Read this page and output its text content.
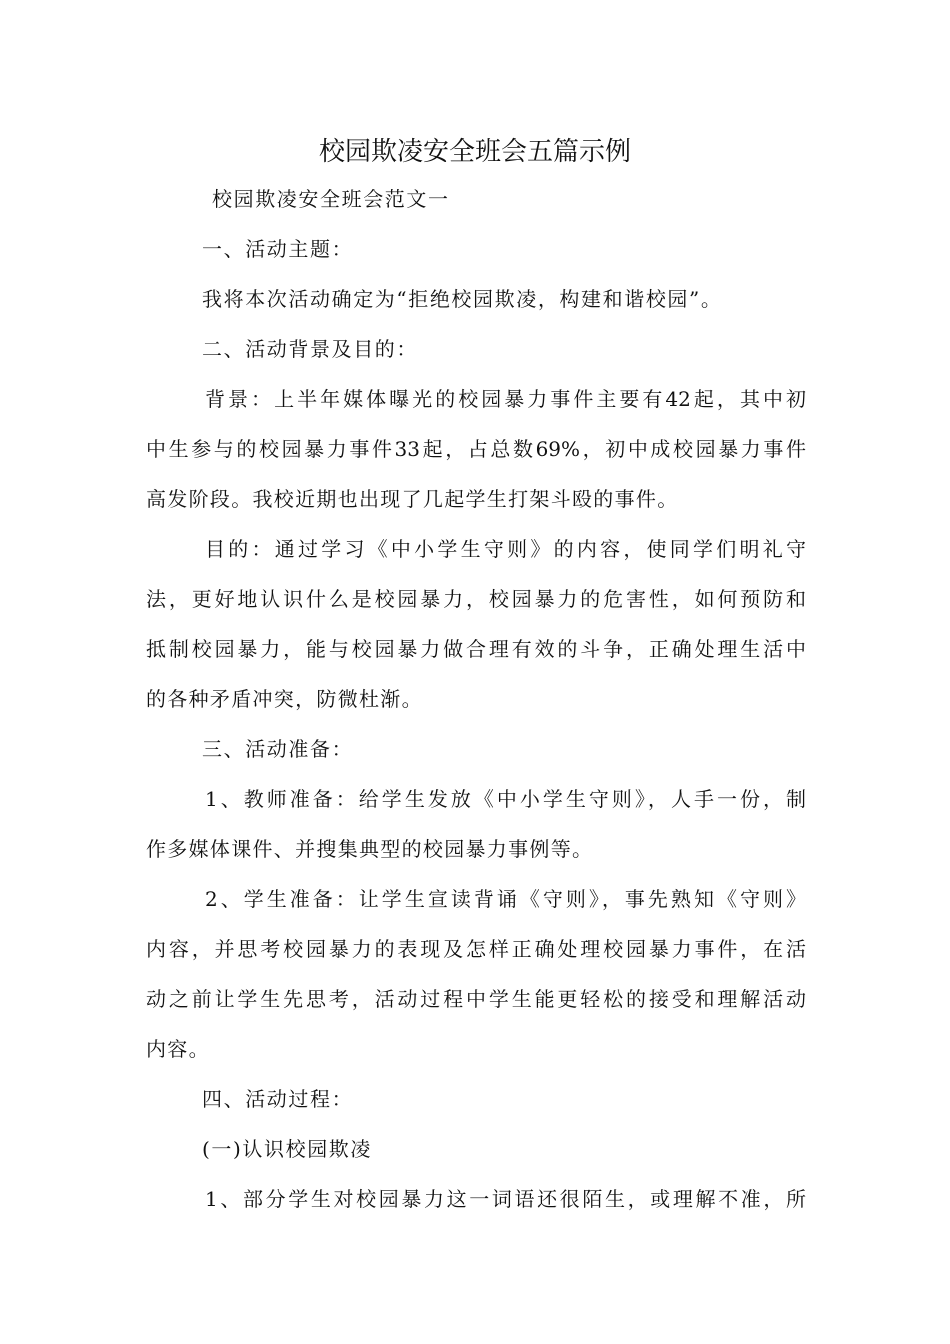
校园欺凌安全班会五篇示例
校园欺凌安全班会范文一
一、活动主题：
我将本次活动确定为“拒绝校园欺凌，构建和谐校园”。
二、活动背景及目的：
背景：上半年媒体曝光的校园暴力事件主要有42起，其中初
中生参与的校园暴力事件33起，占总数69%，初中成校园暴力事件
高发阶段。我校近期也出现了几起学生打架斗殴的事件。
目的：通过学习《中小学生守则》的内容，使同学们明礼守
法，更好地认识什么是校园暴力，校园暴力的危害性，如何预防和
抵制校园暴力，能与校园暴力做合理有效的斗争，正确处理生活中
的各种矛盾冲突，防微杜渐。
三、活动准备：
1、教师准备：给学生发放《中小学生守则》，人手一份，制
作多媒体课件、并搜集典型的校园暴力事例等。
2、学生准备：让学生宣读背诵《守则》，事先熟知《守则》
内容，并思考校园暴力的表现及怎样正确处理校园暴力事件，在活
动之前让学生先思考，活动过程中学生能更轻松的接受和理解活动
内容。
四、活动过程：
(一)认识校园欺凌
1、部分学生对校园暴力这一词语还很陌生，或理解不准，所
